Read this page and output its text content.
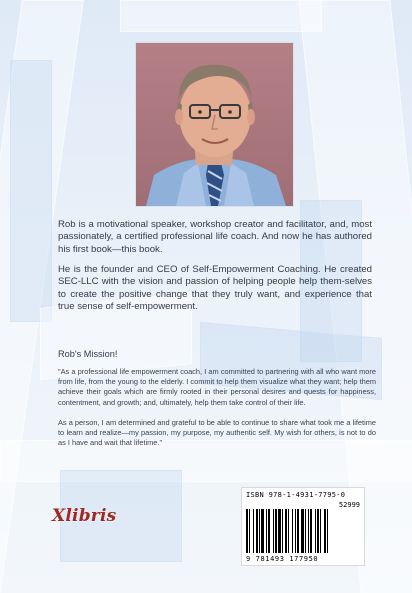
Rob is a motivational speaker, workshop creator and facilitator, and, most passionately, a certified professional life coach. And now he has authored his first book—this book.
He is the founder and CEO of Self-Empowerment Coaching. He created SEC-LLC with the vision and passion of helping people help them-selves to create the positive change that they truly want, and experience that true sense of self-empowerment.
Rob's Mission!
"As a professional life empowerment coach, I am committed to partnering with all who want more from life, from the young to the elderly. I commit to help them visualize what they want; help them achieve their goals which are firmly rooted in their personal desires and quests for happiness, contentment, and growth; and, ultimately, help them take control of their life.
As a person, I am determined and grateful to be able to continue to share what took me a lifetime to learn and realize—my passion, my purpose, my authentic self. My wish for others, is not to do as I have and wait that lifetime."
Xlibris
ISBN 978-1-4931-7795-0
52999
9 781493 177950
